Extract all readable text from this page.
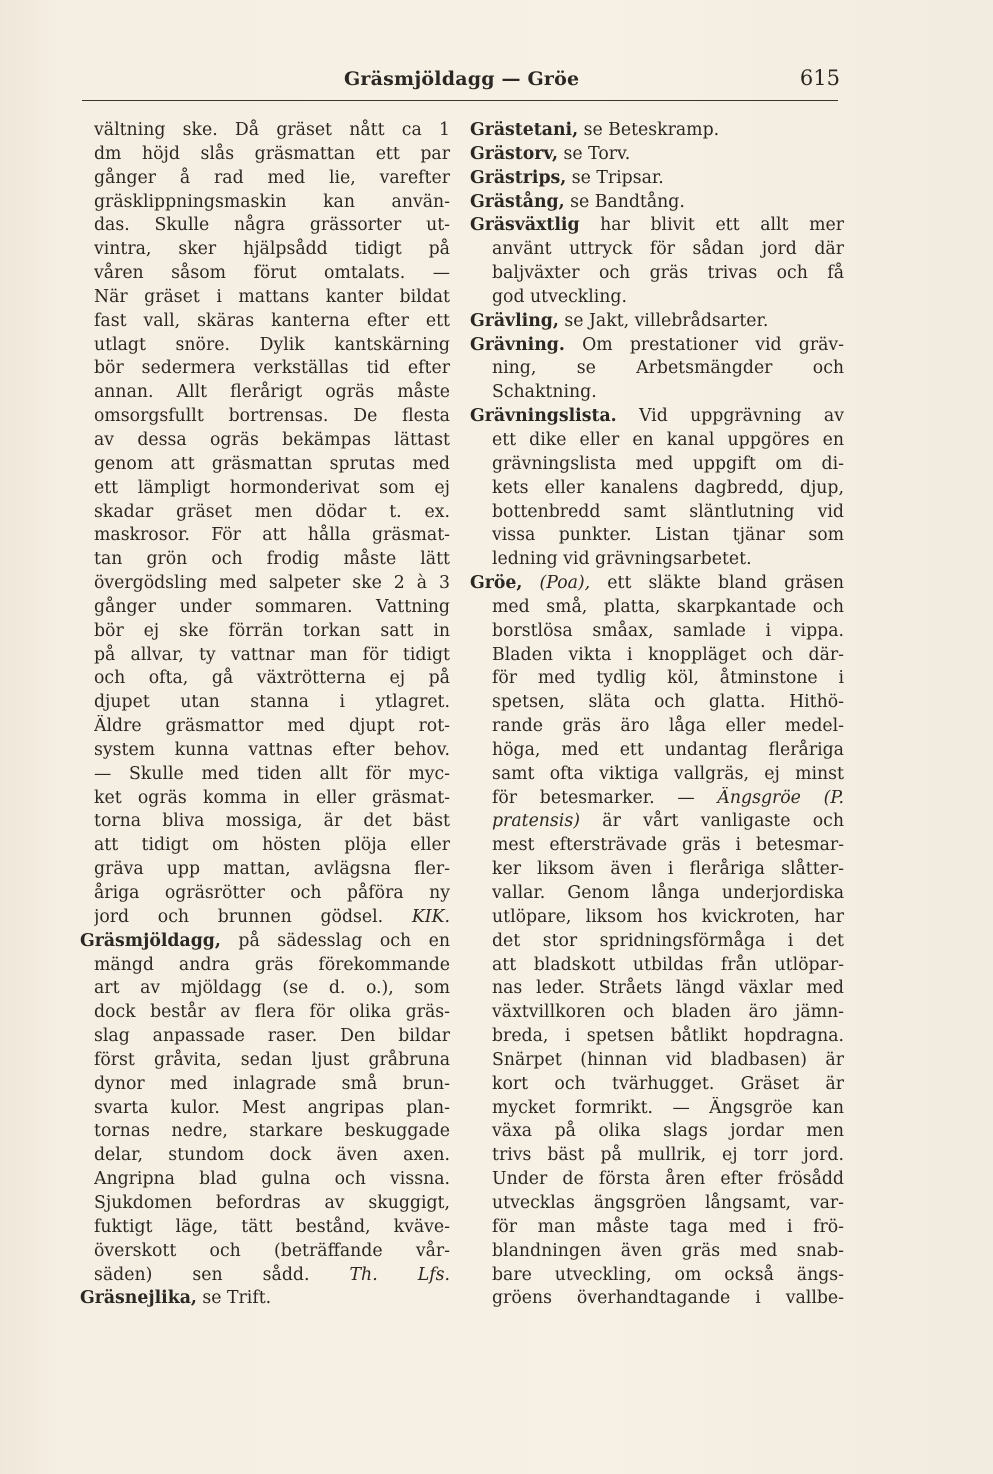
Gräsmjöldagg — Gröe	615
vältning ske. Då gräset nått ca 1
dm höjd slås gräsmattan ett par
gånger å rad med lie, varefter
gräsklippningsmaskin kan använ-
das. Skulle några grässorter ut-
vintra, sker hjälpsådd tidigt på
våren såsom förut omtalats. —
När gräset i mattans kanter bildat
fast vall, skäras kanterna efter ett
utlagt snöre. Dylik kantskärning
bör sedermera verkställas tid efter
annan. Allt flerårigt ogräs måste
omsorgsfullt bortrensas. De flesta
av dessa ogräs bekämpas lättast
genom att gräsmattan sprutas med
ett lämpligt hormonderivat som ej
skadar gräset men dödar t. ex.
maskrosor. För att hålla gräsmat-
tan grön och frodig måste lätt
övergödsling med salpeter ske 2 à 3
gånger under sommaren. Vattning
bör ej ske förrän torkan satt in
på allvar, ty vattnar man för tidigt
och ofta, gå växtrötterna ej på
djupet utan stanna i ytlagret.
Äldre gräsmattor med djupt rot-
system kunna vattnas efter behov.
— Skulle med tiden allt för myc-
ket ogräs komma in eller gräsmat-
torna bliva mossiga, är det bäst
att tidigt om hösten plöja eller
gräva upp mattan, avlägsna fler-
åriga ogräsrötter och påföra ny
jord och brunnen gödsel. KIK.
Gräsmjöldagg, på sädesslag och en
mängd andra gräs förekommande
art av mjöldagg (se d. o.), som
dock består av flera för olika gräs-
slag anpassade raser. Den bildar
först gråvita, sedan ljust gråbruna
dynor med inlagrade små brun-
svarta kulor. Mest angripas plan-
tornas nedre, starkare beskuggade
delar, stundom dock även axen.
Angripna blad gulna och vissna.
Sjukdomen befordras av skuggigt,
fuktigt läge, tätt bestånd, kväve-
överskott och (beträffande vår-
säden) sen sådd. Th. Lfs.
Gräsnejlika, se Trift.
Grästetani, se Beteskramp.
Grästorv, se Torv.
Grästrips, se Tripsar.
Grästång, se Bandtång.
Gräsväxtlig har blivit ett allt mer
använt uttryck för sådan jord där
baljväxter och gräs trivas och få
god utveckling.
Grävling, se Jakt, villebrådsarter.
Grävning. Om prestationer vid gräv-
ning, se Arbetsmängder och
Schaktning.
Grävningslista. Vid uppgrävning av
ett dike eller en kanal uppgöres en
grävningslista med uppgift om di-
kets eller kanalens dagbredd, djup,
bottenbredd samt släntlutning vid
vissa punkter. Listan tjänar som
ledning vid grävningsarbetet.
Gröe, (Poa), ett släkte bland gräsen
med små, platta, skarpkantade och
borstlösa småax, samlade i vippa.
Bladen vikta i knoppläget och där-
för med tydlig köl, åtminstone i
spetsen, släta och glatta. Hithö-
rande gräs äro låga eller medel-
höga, med ett undantag fleråriga
samt ofta viktiga vallgräs, ej minst
för betesmarker. — Ängsgröe (P.
pratensis) är vårt vanligaste och
mest eftersträvade gräs i betesmar-
ker liksom även i fleråriga slåtter-
vallar. Genom långa underjordiska
utlöpare, liksom hos kvickroten, har
det stor spridningsförmåga i det
att bladskott utbildas från utlöpar-
nas leder. Stråets längd växlar med
växtvillkoren och bladen äro jämn-
breda, i spetsen båtlikt hopdragna.
Snärpet (hinnan vid bladbasen) är
kort och tvärhugget. Gräset är
mycket formrikt. — Ängsgröe kan
växa på olika slags jordar men
trivs bäst på mullrik, ej torr jord.
Under de första åren efter frösådd
utvecklas ängsgröen långsamt, var-
för man måste taga med i frö-
blandningen även gräs med snab-
bare utveckling, om också ängs-
gröens överhandtagande i vallbe-
